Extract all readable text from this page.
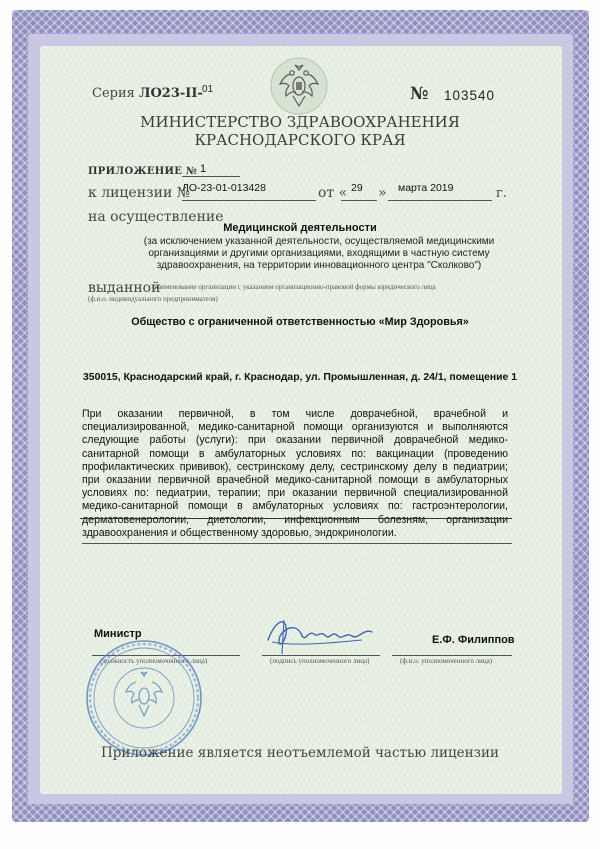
Серия ЛО23-II- 01	№ 103540
МИНИСТЕРСТВО ЗДРАВООХРАНЕНИЯ
КРАСНОДАРСКОГО КРАЯ
ПРИЛОЖЕНИЕ № 1
к лицензии №
ЛО-23-01-013428	от « 29 » марта 2019	г.
на осуществление
Медицинской деятельности
(за исключением указанной деятельности, осуществляемой медицинскими организациями и другими организациями, входящими в частную систему здравоохранения, на территории инновационного центра "Сколково")
выданной
(наименование организации с указанием организационно-правовой формы юридического лица
(ф.и.о. индивидуального предпринимателя)
Общество с ограниченной ответственностью «Мир Здоровья»
350015, Краснодарский край, г. Краснодар, ул. Промышленная, д. 24/1, помещение 1
При оказании первичной, в том числе доврачебной, врачебной и специализированной, медико-санитарной помощи организуются и выполняются следующие работы (услуги): при оказании первичной доврачебной медико-санитарной помощи в амбулаторных условиях по: вакцинации (проведению профилактических прививок), сестринскому делу, сестринскому делу в педиатрии; при оказании первичной врачебной медико-санитарной помощи в амбулаторных условиях по: педиатрии, терапии; при оказании первичной специализированной медико-санитарной помощи в амбулаторных условиях по: гастроэнтерологии, дерматовенерологии, диетологии, инфекционным болезням, организации здравоохранения и общественному здоровью, эндокринологии.
Министр	Е.Ф. Филиппов
(должность уполномоченного лица)	(подпись уполномоченного лица)	(ф.и.о. уполномоченного лица)
Приложение является неотъемлемой частью лицензии
